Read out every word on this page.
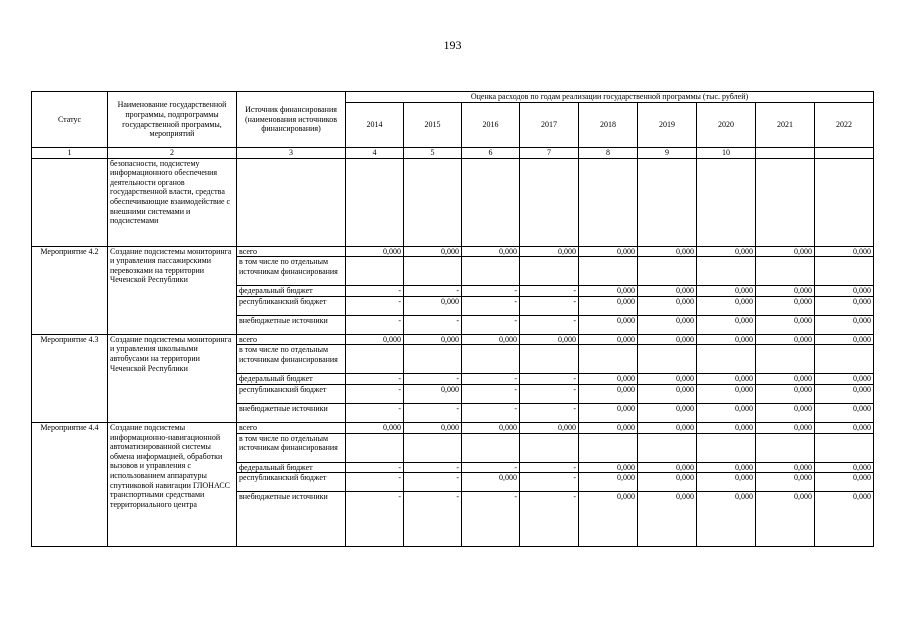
193
Статус	Наименование государственной программы, подпрограммы государственной программы, мероприятий	Источник финансирования (наименования источников финансирования)	Оценка расходов по годам реализации государственной программы (тыс. рублей)								
			2014	2015	2016	2017	2018	2019	2020	2021	2022
1	2	3	4	5	6	7	8	9	10		
	безопасности, подсистему информационного обеспечения деятельности органов государственной власти, средства обеспечивающие взаимодействие с внешними системами и подсистемами										
Мероприятие 4.2	Создание подсистемы мониторинга и управления пассажирскими перевозками на территории Чеченской Республики	всего	0,000	0,000	0,000	0,000	0,000	0,000	0,000	0,000	0,000
		в том числе по отдельным источникам финансирования									
		федеральный бюджет	-	-	-	-	0,000	0,000	0,000	0,000	0,000
		республиканский бюджет	-	0,000	-	-	0,000	0,000	0,000	0,000	0,000
		внебюджетные источники	-	-	-	-	0,000	0,000	0,000	0,000	0,000
Мероприятие 4.3	Создание подсистемы мониторинга и управления школьными автобусами на территории Чеченской Республики	всего	0,000	0,000	0,000	0,000	0,000	0,000	0,000	0,000	0,000
		в том числе по отдельным источникам финансирования									
		федеральный бюджет	-	-	-	-	0,000	0,000	0,000	0,000	0,000
		республиканский бюджет	-	0,000	-	-	0,000	0,000	0,000	0,000	0,000
		внебюджетные источники	-	-	-	-	0,000	0,000	0,000	0,000	0,000
Мероприятие 4.4	Создание подсистемы информационно-навигационной автоматизированной системы обмена информацией, обработки вызовов и управления с использованием аппаратуры спутниковой навигации ГЛОНАСС транспортными средствами территориального центра	всего	0,000	0,000	0,000	0,000	0,000	0,000	0,000	0,000	0,000
		в том числе по отдельным источникам финансирования									
		федеральный бюджет	-	-	-	-	0,000	0,000	0,000	0,000	0,000
		республиканский бюджет	-	-	0,000	-	0,000	0,000	0,000	0,000	0,000
		внебюджетные источники	-	-	-	-	0,000	0,000	0,000	0,000	0,000
